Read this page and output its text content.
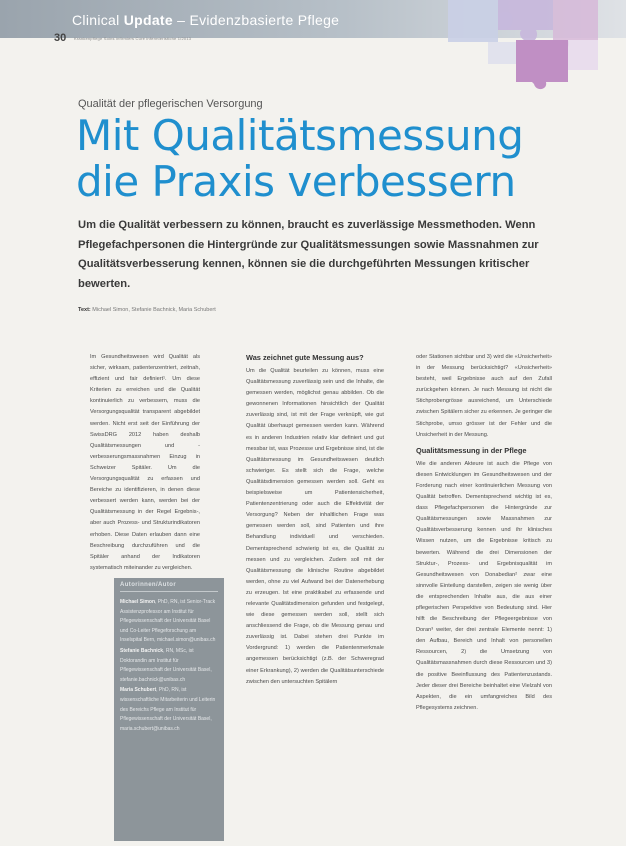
Clinical Update – Evidenzbasierte Pflege
30 Krankenpflege Soins infirmiers Cure infermieristiche 1/2013
Qualität der pflegerischen Versorgung
Mit Qualitätsmessung
die Praxis verbessern
Um die Qualität verbessern zu können, braucht es zuverlässige Messmethoden. Wenn Pflegefachpersonen die Hintergründe zur Qualitätsmessungen sowie Massnahmen zur Qualitätsverbesserung kennen, können sie die durchgeführten Messungen kritischer bewerten.
Text: Michael Simon, Stefanie Bachnick, Maria Schubert

Im Gesundheitswesen wird Qualität als sicher, wirksam, patientenzentriert, zeitnah, effizient und fair definiert¹. Um diese Kriterien zu erreichen und die Qualität kontinuierlich zu verbessern, muss die Versorgungsqualität transparent abgebildet werden. Nicht erst seit der Einführung der SwissDRG 2012 haben deshalb Qualitätsmessungen und -verbesserungsmassnahmen Einzug in Schweizer Spitäler. Um die Versorgungsqualität zu erfassen und Bereiche zu identifizieren, in denen diese verbessert werden kann, werden bei der Qualitätsmessung in der Regel Ergebnis-, aber auch Prozess- und Strukturindikatoren erhoben. Diese Daten erlauben dann eine Beschreibung durchzuführen und die Spitäler anhand der Indikatoren systematisch miteinander zu vergleichen.

Autorinnen/Autor
Michael Simon, PhD, RN, ist Senior-Track Assistenzprofessor am Institut für Pflegewissenschaft der Universität Basel und Co-Leiter Pflegeforschung am Inselspital Bern, michael.simon@unibas.ch
Stefanie Bachnick, RN, MSc, ist Doktorandin am Institut für Pflegewissenschaft der Universität Basel, stefanie.bachnick@unibas.ch
Maria Schubert, PhD, RN, ist wissenschaftliche Mitarbeiterin und Leiterin des Bereichs Pflege am Institut für Pflegewissenschaft der Universität Basel, maria.schubert@unibas.ch
Was zeichnet gute Messung aus?

Um die Qualität beurteilen zu können, muss eine Qualitätsmessung zuverlässig sein und die Inhalte, die gemessen werden, möglichst genau abbilden. Ob die gewonnenen Informationen hinsichtlich der Qualität zuverlässig sind, ist mit der Frage verknüpft, wie gut Qualität überhaupt gemessen werden kann. Während es in anderen Industrien relativ klar definiert und gut messbar ist, was Prozesse und Ergebnisse sind, ist die Qualitätsmessung im Gesundheitswesen deutlich schwieriger. Es stellt sich die Frage, welche Qualitätsdimension gemessen werden soll. Geht es beispielsweise um Patientensicherheit, Patientenzentrierung oder auch die Effektivität der Versorgung? Neben der inhaltlichen Frage was gemessen werden soll, sind Patienten und ihre Behandlung individuell und verschieden. Dementsprechend schwierig ist es, die Qualität zu messen und zu vergleichen. Zudem soll mit der Qualitätsmessung die klinische Routine abgebildet werden, ohne zu viel Aufwand bei der Datenerhebung zu erzeugen. Ist eine praktikabel zu erfassende und relevante Qualitätsdimension gefunden und festgelegt, wie diese gemessen werden soll, stellt sich anschliessend die Frage, ob die Messung genau und zuverlässig ist. Dabei stehen drei Punkte im Vordergrund: 1) werden die Patientenmerkmale angemessen berücksichtigt (z.B. der Schweregrad einer Erkrankung), 2) werden die Qualitätsunterschiede zwischen den untersuchten Spitälern

oder Stationen sichtbar und 3) wird die «Unsicherheit» in der Messung berücksichtigt? «Unsicherheit» besteht, weil Ergebnisse auch auf den Zufall zurückgehen können. Je nach Messung ist nicht die Stichprobengrösse ausreichend, um Unterschiede zwischen Spitälern sicher zu erkennen. Je geringer die Stichprobe, umso grösser ist der Fehler und die Unsicherheit in der Messung.

Qualitätsmessung in der Pflege

Wie die anderen Akteure ist auch die Pflege von diesen Entwicklungen im Gesundheitswesen und der Forderung nach einer kontinuierlichen Messung von Qualität betroffen. Dementsprechend wichtig ist es, dass Pflegefachpersonen die Hintergründe zur Qualitätsmessungen sowie Massnahmen zur Qualitätsverbesserung kennen und ihr klinisches Wissen nutzen, um die Ergebnisse kritisch zu bewerten. Während die drei Dimensionen der Struktur-, Prozess- und Ergebnisqualität im Gesundheitswesen von Donabedian² zwar eine sinnvolle Einteilung darstellen, zeigen sie wenig über die entsprechenden Inhalte aus, die aus einer pflegerischen Perspektive von Bedeutung sind. Hier hilft die Beschreibung der Pflegeergebnisse von Doran³ weiter, der drei zentrale Elemente nennt: 1) den Aufbau, Bereich und Inhalt von personellen Ressourcen, 2) die Umsetzung von Qualitätsmassnahmen durch diese Ressourcen und 3) die positive Beeinflussung des Patientenzustands. Jeder dieser drei Bereiche beinhaltet eine Vielzahl von Aspekten, die ein umfangreiches Bild des Pflegesystems zeichnen.
